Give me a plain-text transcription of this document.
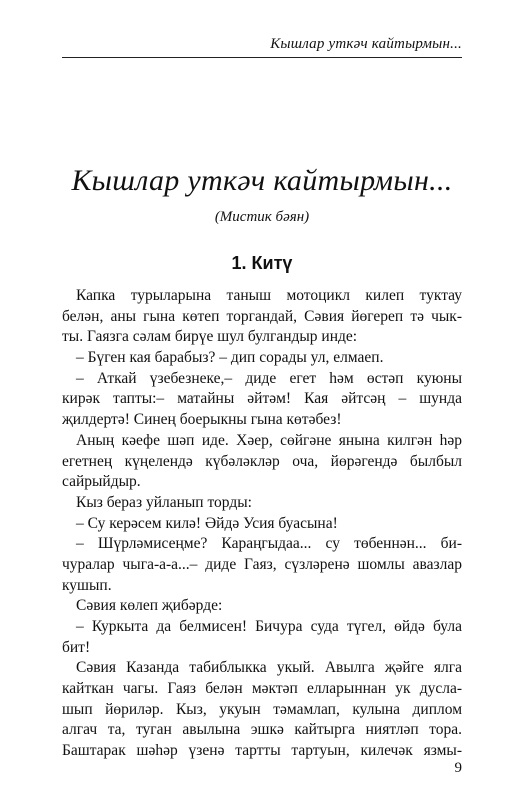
Кышлар уткәч кайтырмын...
Кышлар уткәч кайтырмын...
(Мистик бәян)
1. Китү
Капка турыларына таныш мотоцикл килеп туктау
белән, аны гына көтеп торгандай, Сәвия йөгереп тә чык-
ты. Гаязга сәлам бирүе шул булгандыр инде:
– Бүген кая барабыз? – дип сорады ул, елмаеп.
– Аткай үзебезнеке,– диде егет һәм өстәп куюны
кирәк тапты:– матайны әйтәм! Кая әйтсәң – шунда
җилдертә! Синең боерыкны гына көтәбез!
Аның кәефе шәп иде. Хәер, сөйгәне янына килгән һәр
егетнең күңелендә күбәләкләр оча, йөрәгендә былбыл
сайрыйдыр.
Кыз бераз уйланып торды:
– Су керәсем килә! Әйдә Усия буасына!
– Шүрләмисеңме? Караңгыдаа... су төбеннән... би-
чуралар чыга-а-а...– диде Гаяз, сүзләренә шомлы авазлар
кушып.
Сәвия көлеп җибәрде:
– Куркыта да белмисен! Бичура суда түгел, өйдә була
бит!
Сәвия Казанда табиблыкка укый. Авылга җәйге ялга
кайткан чагы. Гаяз белән мәктәп елларыннан ук дусла-
шып йөриләр. Кыз, укуын тәмамлап, кулына диплом
алгач та, туган авылына эшкә кайтыргa ниятләп тора.
Баштарак шәһәр үзенә тартты тартуын, килечәк язмы-
9
